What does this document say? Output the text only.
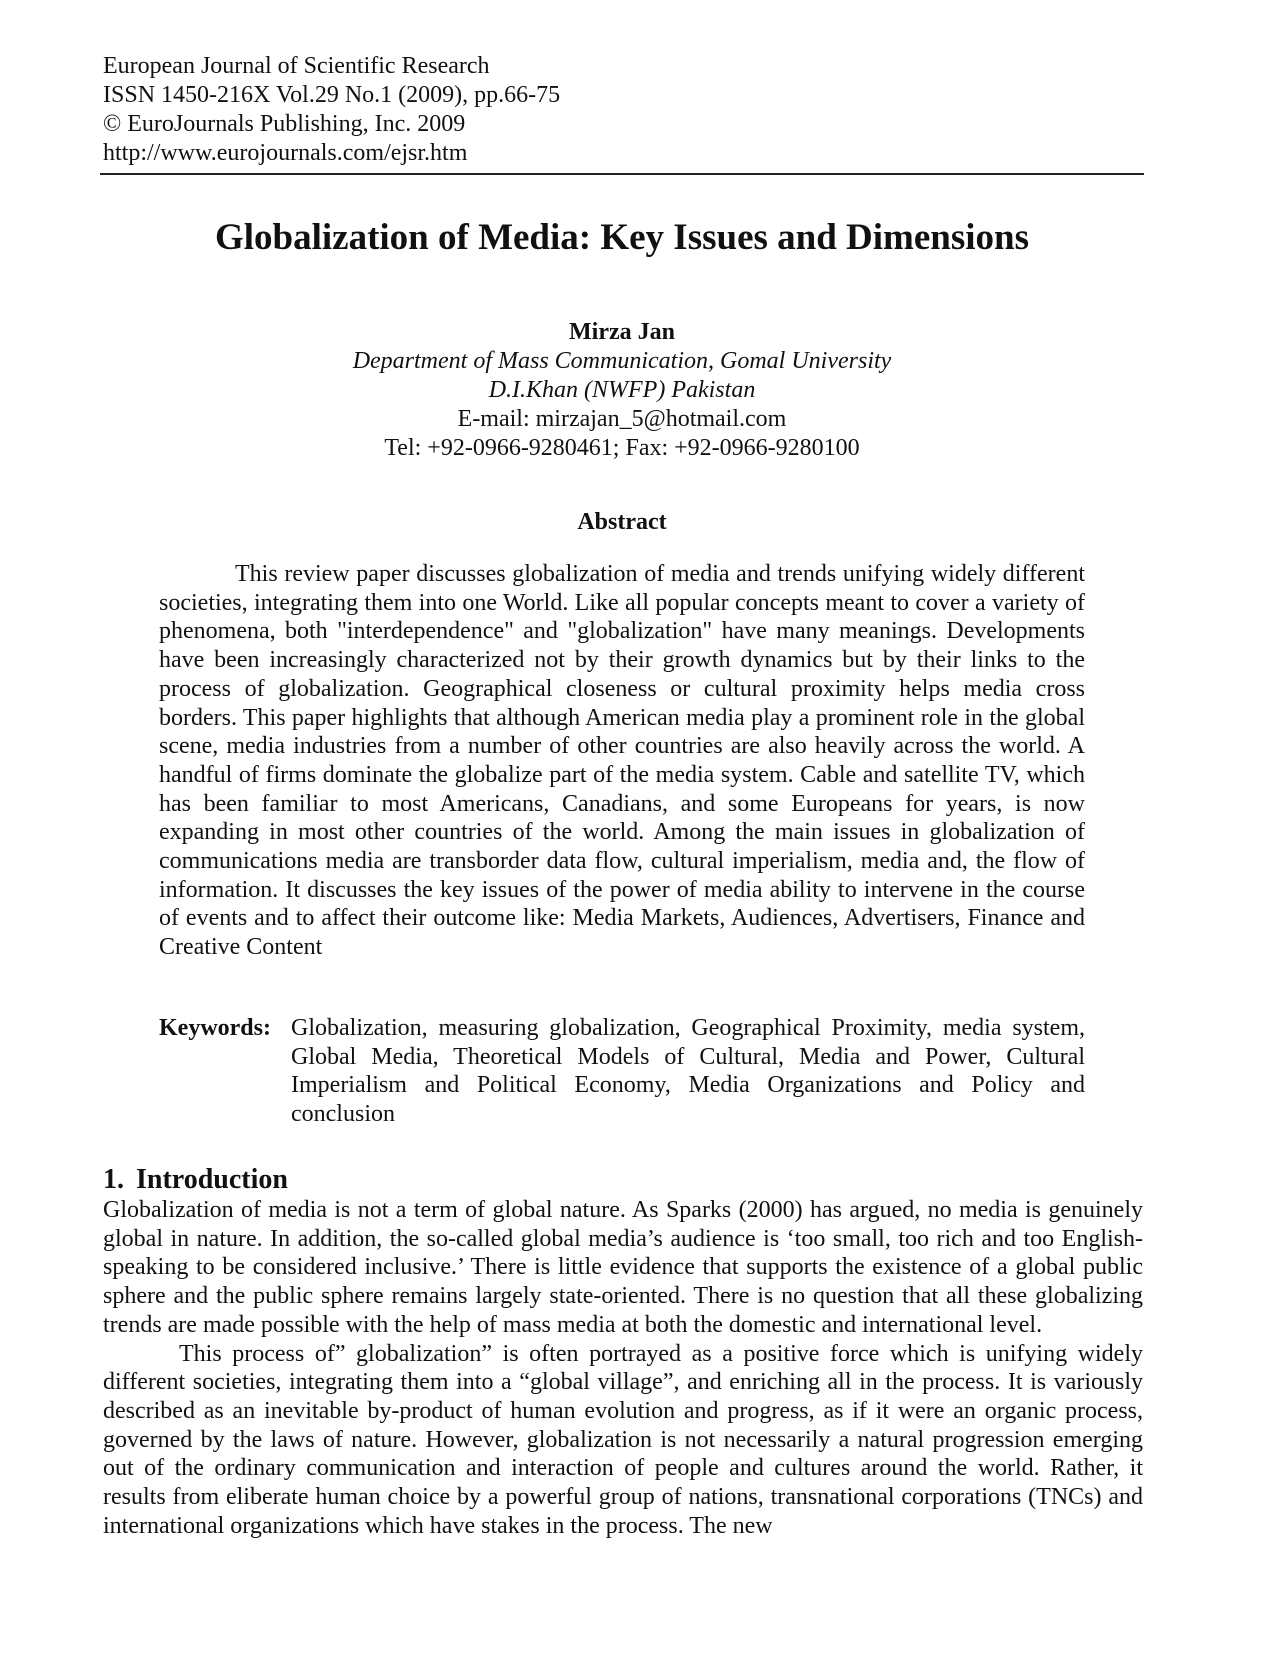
European Journal of Scientific Research
ISSN 1450-216X Vol.29 No.1 (2009), pp.66-75
© EuroJournals Publishing, Inc. 2009
http://www.eurojournals.com/ejsr.htm
Globalization of Media: Key Issues and Dimensions
Mirza Jan
Department of Mass Communication, Gomal University
D.I.Khan (NWFP) Pakistan
E-mail: mirzajan_5@hotmail.com
Tel: +92-0966-9280461; Fax: +92-0966-9280100
Abstract

This review paper discusses globalization of media and trends unifying widely different societies, integrating them into one World. Like all popular concepts meant to cover a variety of phenomena, both "interdependence" and "globalization" have many meanings. Developments have been increasingly characterized not by their growth dynamics but by their links to the process of globalization. Geographical closeness or cultural proximity helps media cross borders. This paper highlights that although American media play a prominent role in the global scene, media industries from a number of other countries are also heavily across the world. A handful of firms dominate the globalize part of the media system. Cable and satellite TV, which has been familiar to most Americans, Canadians, and some Europeans for years, is now expanding in most other countries of the world. Among the main issues in globalization of communications media are transborder data flow, cultural imperialism, media and, the flow of information. It discusses the key issues of the power of media ability to intervene in the course of events and to affect their outcome like: Media Markets, Audiences, Advertisers, Finance and Creative Content

Keywords: Globalization, measuring globalization, Geographical Proximity, media system, Global Media, Theoretical Models of Cultural, Media and Power, Cultural Imperialism and Political Economy, Media Organizations and Policy and conclusion

1. Introduction

Globalization of media is not a term of global nature. As Sparks (2000) has argued, no media is genuinely global in nature. In addition, the so-called global media’s audience is ‘too small, too rich and too English-speaking to be considered inclusive.’ There is little evidence that supports the existence of a global public sphere and the public sphere remains largely state-oriented. There is no question that all these globalizing trends are made possible with the help of mass media at both the domestic and international level.

This process of” globalization” is often portrayed as a positive force which is unifying widely different societies, integrating them into a “global village”, and enriching all in the process. It is variously described as an inevitable by-product of human evolution and progress, as if it were an organic process, governed by the laws of nature. However, globalization is not necessarily a natural progression emerging out of the ordinary communication and interaction of people and cultures around the world. Rather, it results from eliberate human choice by a powerful group of nations, transnational corporations (TNCs) and international organizations which have stakes in the process. The new
